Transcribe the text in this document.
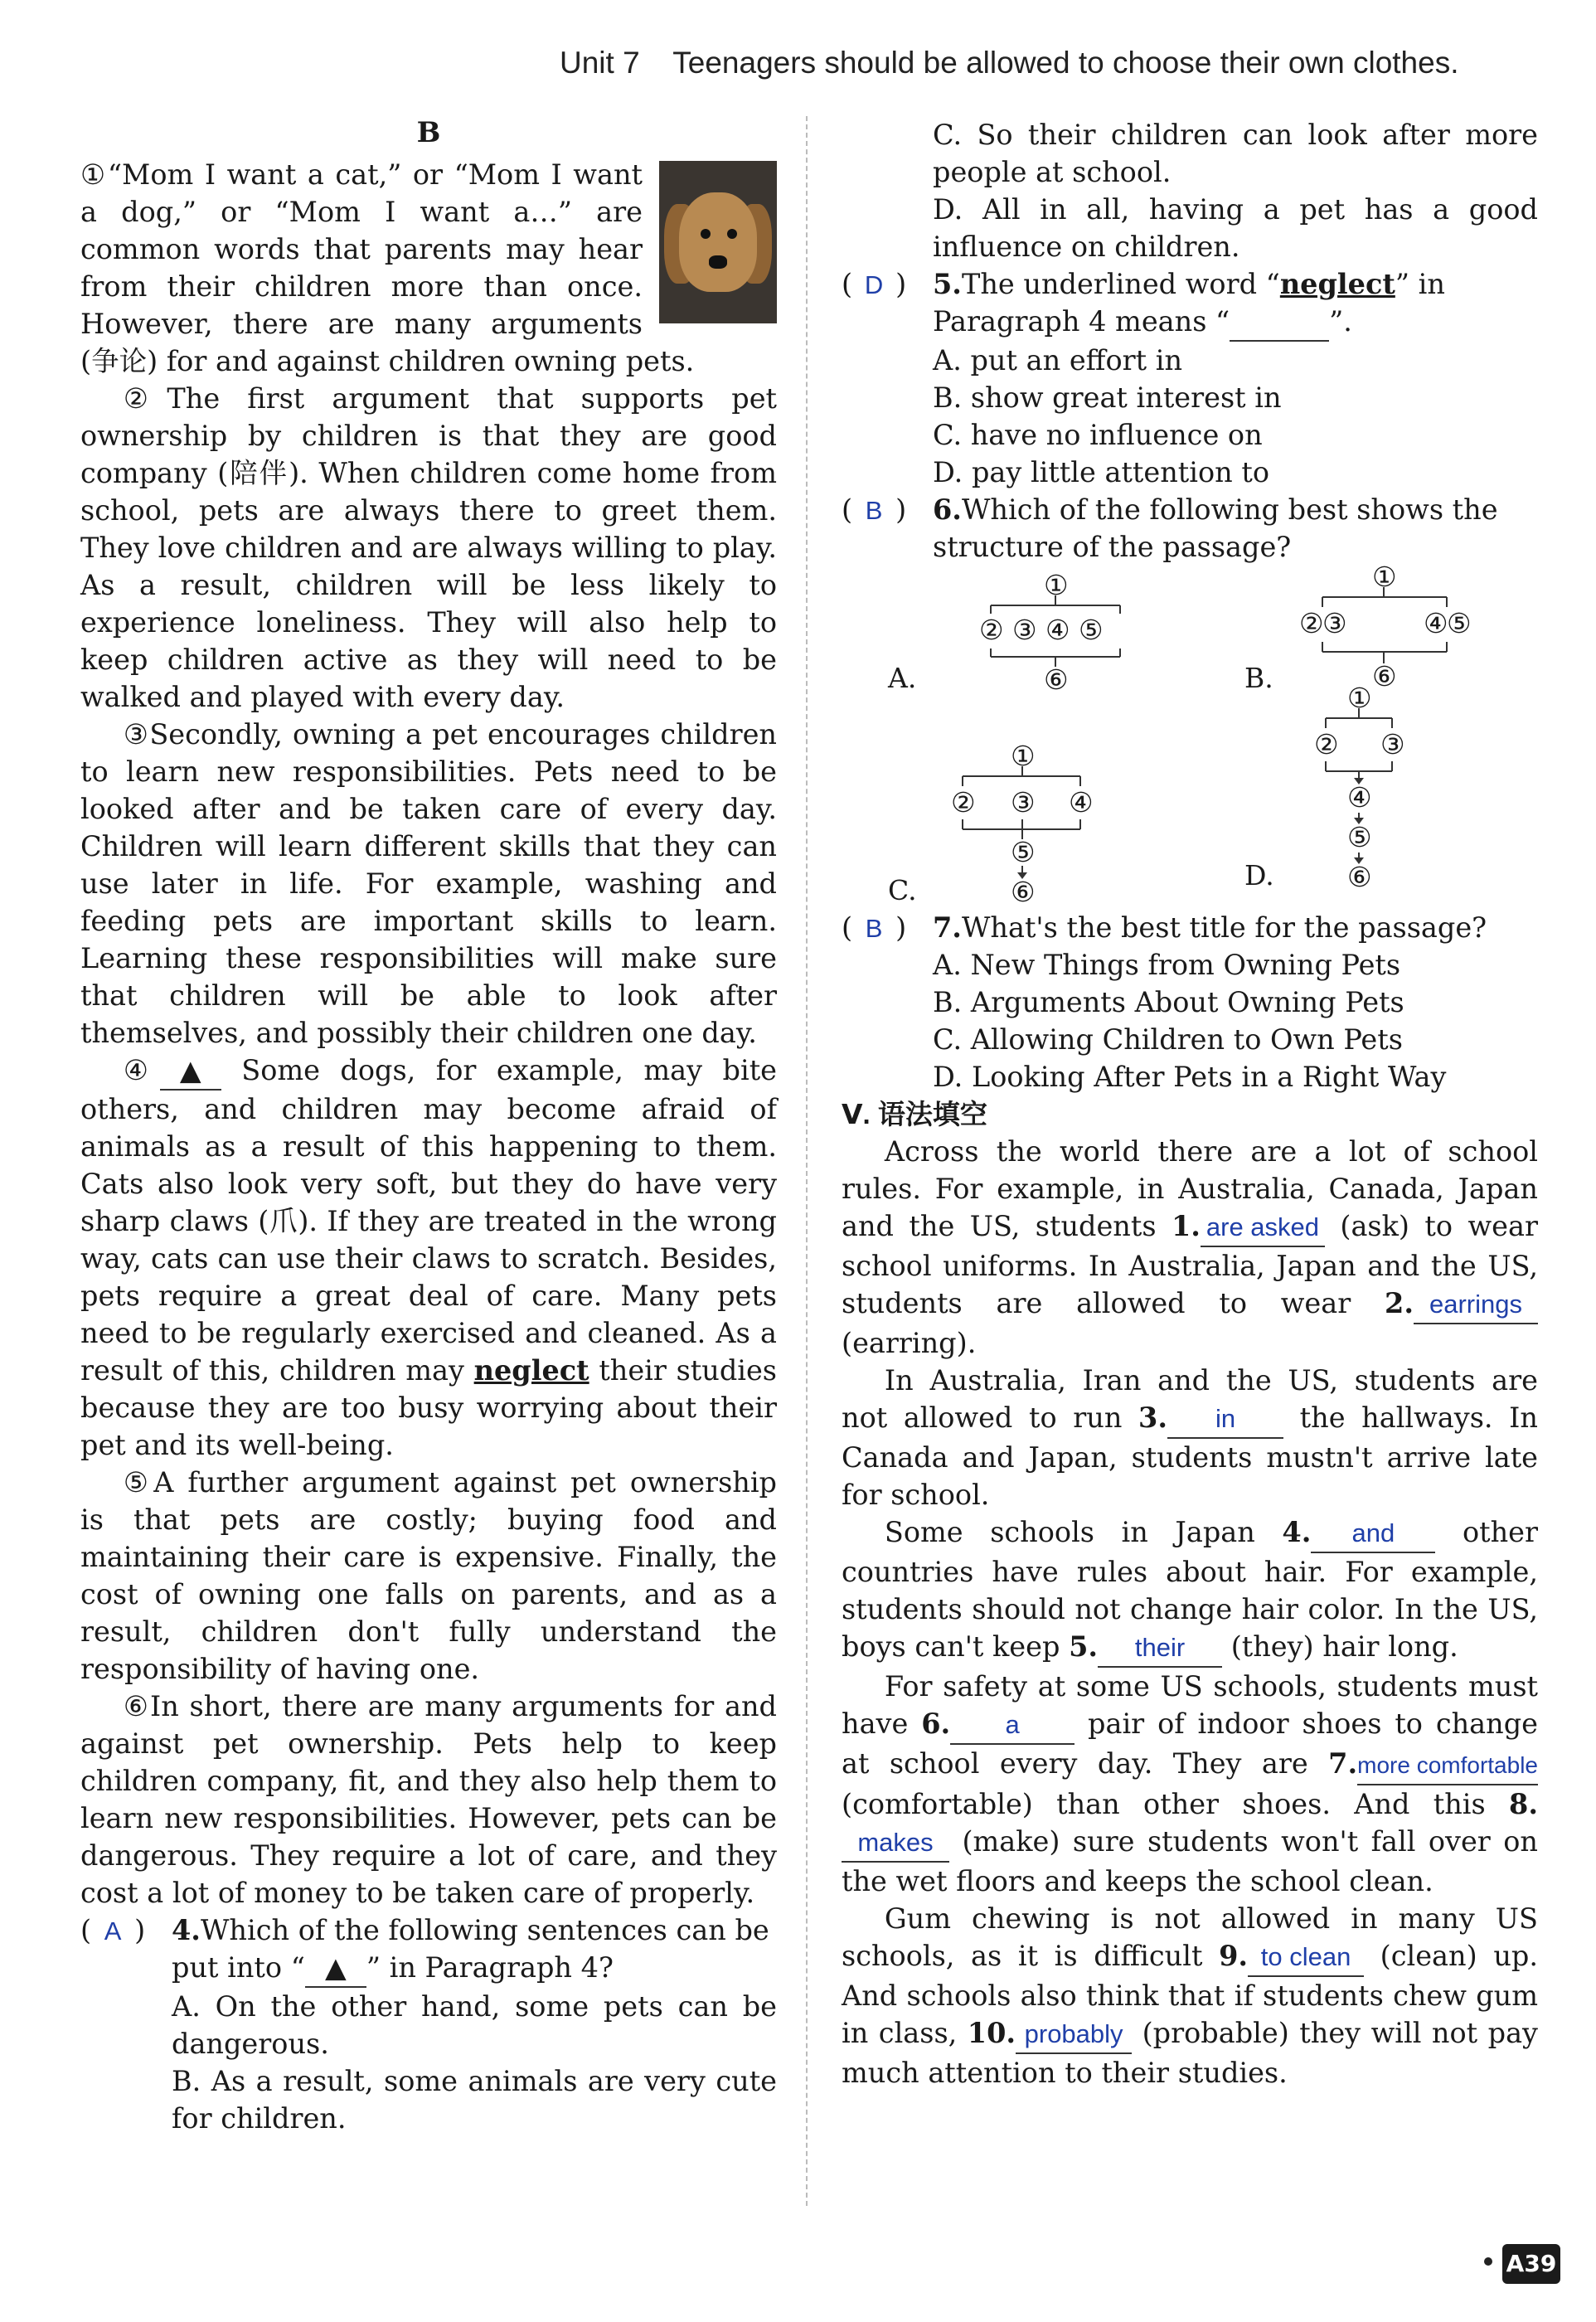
Unit 7 Teenagers should be allowed to choose their own clothes.
B

①“Mom I want a cat,” or “Mom I want a dog,” or “Mom I want a…” are common words that parents may hear from their children more than once. However, there are many arguments (争论) for and against children owning pets.

②The first argument that supports pet ownership by children is that they are good company (陪伴). When children come home from school, pets are always there to greet them. They love children and are always willing to play. As a result, children will be less likely to experience loneliness. They will also help to keep children active as they will need to be walked and played with every day.

③Secondly, owning a pet encourages children to learn new responsibilities. Pets need to be looked after and be taken care of every day. Children will learn different skills that they can use later in life. For example, washing and feeding pets are important skills to learn. Learning these responsibilities will make sure that children will be able to look after themselves, and possibly their children one day.

④ ▲ Some dogs, for example, may bite others, and children may become afraid of animals as a result of this happening to them. Cats also look very soft, but they do have very sharp claws (爪). If they are treated in the wrong way, cats can use their claws to scratch. Besides, pets require a great deal of care. Many pets need to be regularly exercised and cleaned. As a result of this, children may neglect their studies because they are too busy worrying about their pet and its well-being.

⑤A further argument against pet ownership is that pets are costly; buying food and maintaining their care is expensive. Finally, the cost of owning one falls on parents, and as a result, children don't fully understand the responsibility of having one.

⑥In short, there are many arguments for and against pet ownership. Pets help to keep children company, fit, and they also help them to learn new responsibilities. However, pets can be dangerous. They require a lot of care, and they cost a lot of money to be taken care of properly.

( A ) 4.Which of the following sentences can be put into “ ▲ ” in Paragraph 4?

A. On the other hand, some pets can be dangerous.

B. As a result, some animals are very cute for children.

C. So their children can look after more people at school.

D. All in all, having a pet has a good influence on children.

( D ) 5.The underlined word “neglect” in Paragraph 4 means “	”.

A. put an effort in

B. show great interest in

C. have no influence on

D. pay little attention to

( B ) 6.Which of the following best shows the structure of the passage?

①
② ③ ④ ⑤
⑥
A.
①
②
③	④
⑤
⑥
B.
①
② ③ ④
⑤
⑥
C.
①
② ③
④
⑤
⑥
D.
( B ) 7.What's the best title for the passage?

A. New Things from Owning Pets

B. Arguments About Owning Pets

C. Allowing Children to Own Pets

D. Looking After Pets in a Right Way

Ⅴ. 语法填空

Across the world there are a lot of school rules. For example, in Australia, Canada, Japan and the US, students 1. are asked (ask) to wear school uniforms. In Australia, Japan and the US, students are allowed to wear 2. earrings (earring).

In Australia, Iran and the US, students are not allowed to run 3. in the hallways. In Canada and Japan, students mustn't arrive late for school.

Some schools in Japan 4. and other countries have rules about hair. For example, students should not change hair color. In the US, boys can't keep 5. their (they) hair long.

For safety at some US schools, students must have 6. a pair of indoor shoes to change at school every day. They are 7.more comfortable (comfortable) than other shoes. And this 8.makes (make) sure students won't fall over on the wet floors and keeps the school clean.

Gum chewing is not allowed in many US schools, as it is difficult 9. to clean (clean) up. And schools also think that if students chew gum in class, 10. probably (probable) they will not pay much attention to their studies.

A39
